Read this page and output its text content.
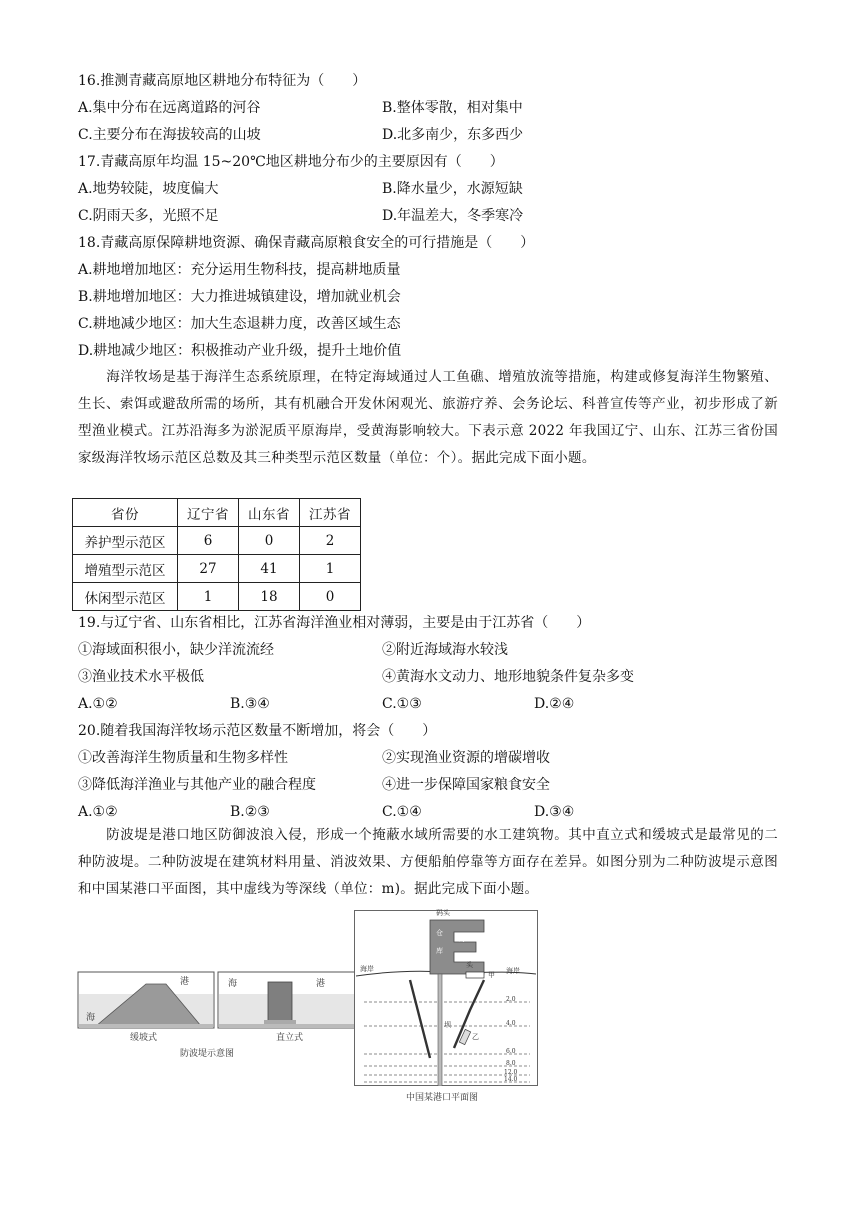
16.推测青藏高原地区耕地分布特征为（　　）
A.集中分布在远离道路的河谷	B.整体零散，相对集中
C.主要分布在海拔较高的山坡	D.北多南少，东多西少
17.青藏高原年均温 15~20℃地区耕地分布少的主要原因有（　　）
A.地势较陡，坡度偏大	B.降水量少，水源短缺
C.阴雨天多，光照不足	D.年温差大，冬季寒冷
18.青藏高原保障耕地资源、确保青藏高原粮食安全的可行措施是（　　）
A.耕地增加地区：充分运用生物科技，提高耕地质量
B.耕地增加地区：大力推进城镇建设，增加就业机会
C.耕地减少地区：加大生态退耕力度，改善区域生态
D.耕地减少地区：积极推动产业升级，提升土地价值
海洋牧场是基于海洋生态系统原理，在特定海域通过人工鱼礁、增殖放流等措施，构建或修复海洋生物繁殖、生长、索饵或避敌所需的场所，其有机融合开发休闲观光、旅游疗养、会务论坛、科普宣传等产业，初步形成了新型渔业模式。江苏沿海多为淤泥质平原海岸，受黄海影响较大。下表示意 2022 年我国辽宁、山东、江苏三省份国家级海洋牧场示范区总数及其三种类型示范区数量（单位：个）。据此完成下面小题。
省份	辽宁省	山东省	江苏省
养护型示范区	6	0	2
增殖型示范区	27	41	1
休闲型示范区	1	18	0
19.与辽宁省、山东省相比，江苏省海洋渔业相对薄弱，主要是由于江苏省（　　）
①海域面积很小，缺少洋流流经	②附近海域海水较浅
③渔业技术水平极低	④黄海水文动力、地形地貌条件复杂多变
A.①②	B.③④	C.①③	D.②④
20.随着我国海洋牧场示范区数量不断增加，将会（　　）
①改善海洋生物质量和生物多样性	②实现渔业资源的增碳增收
③降低海洋渔业与其他产业的融合程度	④进一步保障国家粮食安全
A.①②	B.②③	C.①④	D.③④
防波堤是港口地区防御波浪入侵，形成一个掩蔽水域所需要的水工建筑物。其中直立式和缓坡式是最常见的二种防波堤。二种防波堤在建筑材料用量、消波效果、方便船舶停靠等方面存在差异。如图分别为二种防波堤示意图和中国某港口平面图，其中虚线为等深线（单位：m)。据此完成下面小题。
海
港	海	港
缓坡式	直立式
防波堤示意图
码头
仓
码
库
海岸	海岸
头
甲
乙
坝
2.0
4.0
6.0
8.0
12.0
14.0
中国某港口平面图
